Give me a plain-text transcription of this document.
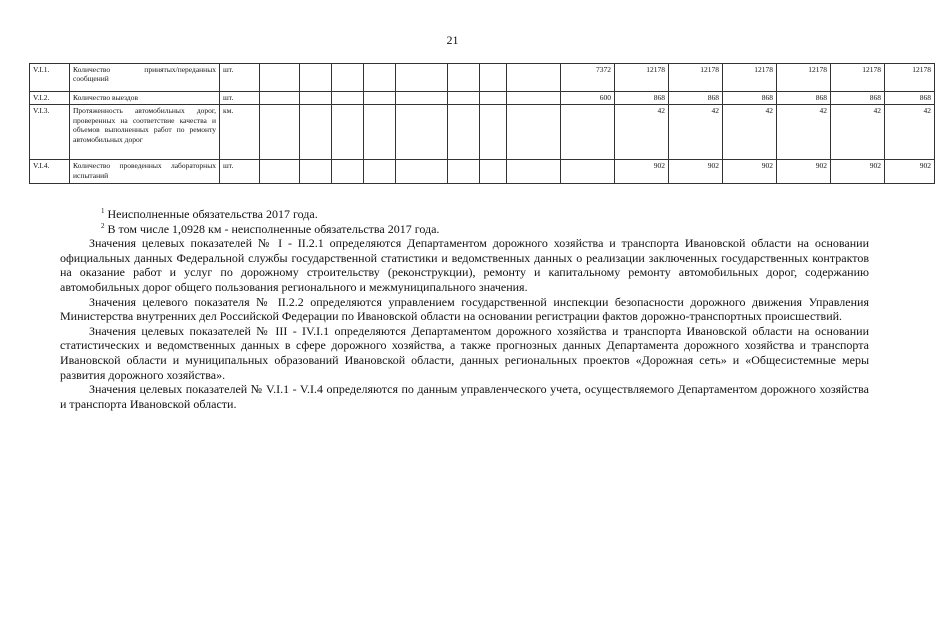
21
V.I.1.	Количество принятых/переданных сообщений	шт.									7372	12178	12178	12178	12178	12178	12178
V.I.2.	Количество выездов	шт.									600	868	868	868	868	868	868
V.I.3.	Протяженность автомобильных дорог, проверенных на соответствие качества и объемов выполненных работ по ремонту автомобильных дорог	км.										42	42	42	42	42	42
V.I.4.	Количество проведенных лабораторных испытаний	шт.										902	902	902	902	902	902

$^1$ Неисполненные обязательства 2017 года.

$^2$ В том числе 1,0928 км - неисполненные обязательства 2017 года.

Значения целевых показателей № I - II.2.1 определяются Департаментом дорожного хозяйства и транспорта Ивановской области на основании официальных данных Федеральной службы государственной статистики и ведомственных данных о реализации заключенных государственных контрактов на оказание работ и услуг по дорожному строительству (реконструкции), ремонту и капитальному ремонту автомобильных дорог, содержанию автомобильных дорог общего пользования регионального и межмуниципального значения.

Значения целевого показателя № II.2.2 определяются управлением государственной инспекции безопасности дорожного движения Управления Министерства внутренних дел Российской Федерации по Ивановской области на основании регистрации фактов дорожно-транспортных происшествий.

Значения целевых показателей № III - IV.I.1 определяются Департаментом дорожного хозяйства и транспорта Ивановской области на основании статистических и ведомственных данных в сфере дорожного хозяйства, а также прогнозных данных Департамента дорожного хозяйства и транспорта Ивановской области и муниципальных образований Ивановской области, данных региональных проектов «Дорожная сеть» и «Общесистемные меры развития дорожного хозяйства».

Значения целевых показателей № V.I.1 - V.I.4 определяются по данным управленческого учета, осуществляемого Департаментом дорожного хозяйства и транспорта Ивановской области.
